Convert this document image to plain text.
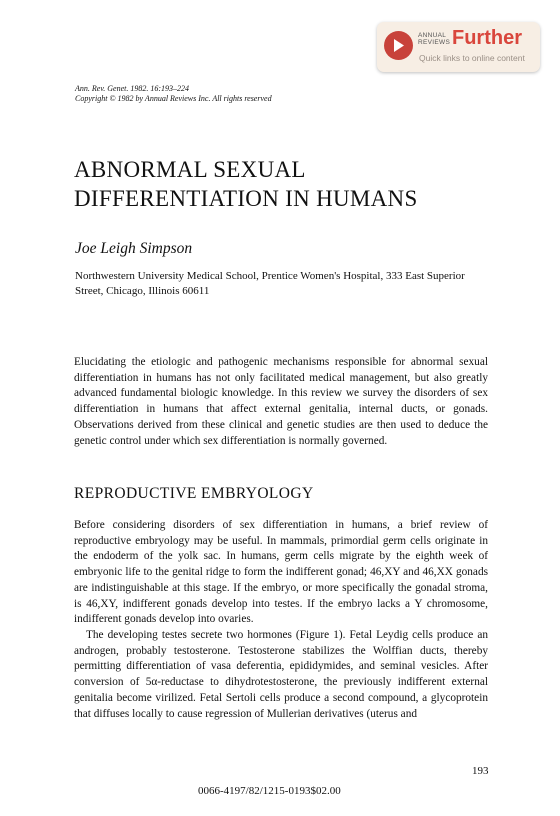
ANNUAL
REVIEWS Further
Quick links to online content
Ann. Rev. Genet. 1982. 16:193–224
Copyright © 1982 by Annual Reviews Inc. All rights reserved
ABNORMAL SEXUAL
DIFFERENTIATION IN HUMANS
Joe Leigh Simpson
Northwestern University Medical School, Prentice Women's Hospital, 333 East Superior Street, Chicago, Illinois 60611

Elucidating the etiologic and pathogenic mechanisms responsible for abnormal sexual differentiation in humans has not only facilitated medical management, but also greatly advanced fundamental biologic knowledge. In this review we survey the disorders of sex differentiation in humans that affect external genitalia, internal ducts, or gonads. Observations derived from these clinical and genetic studies are then used to deduce the genetic control under which sex differentiation is normally governed.

REPRODUCTIVE EMBRYOLOGY

Before considering disorders of sex differentiation in humans, a brief review of reproductive embryology may be useful. In mammals, primordial germ cells originate in the endoderm of the yolk sac. In humans, germ cells migrate by the eighth week of embryonic life to the genital ridge to form the indifferent gonad; 46,XY and 46,XX gonads are indistinguishable at this stage. If the embryo, or more specifically the gonadal stroma, is 46,XY, indifferent gonads develop into testes. If the embryo lacks a Y chromosome, indifferent gonads develop into ovaries.

The developing testes secrete two hormones (Figure 1). Fetal Leydig cells produce an androgen, probably testosterone. Testosterone stabilizes the Wolffian ducts, thereby permitting differentiation of vasa deferentia, epididymides, and seminal vesicles. After conversion of 5α-reductase to dihydrotestosterone, the previously indifferent external genitalia become virilized. Fetal Sertoli cells produce a second compound, a glycoprotein that diffuses locally to cause regression of Mullerian derivatives (uterus and

193
0066-4197/82/1215-0193$02.00
